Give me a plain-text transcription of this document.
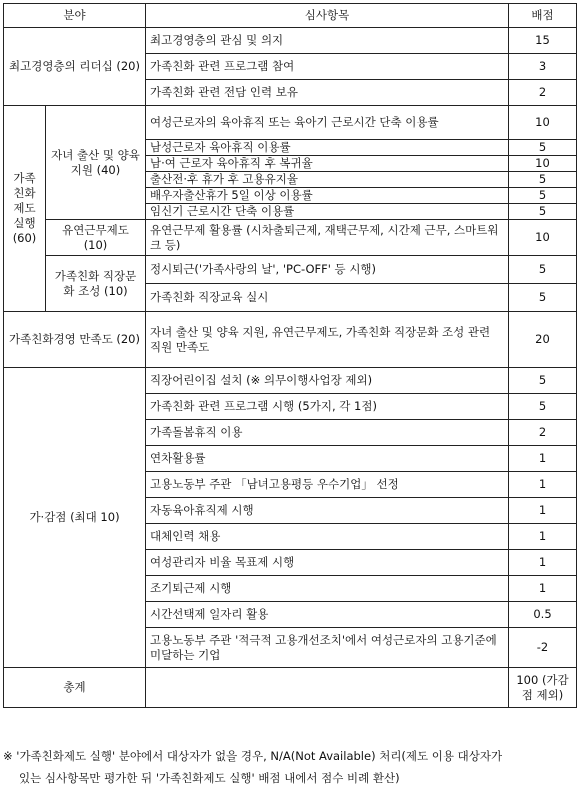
분야		심사항목	배점
최고경영층의 리더십 (20)		최고경영층의 관심 및 의지	15
		가족친화 관련 프로그램 참여	3
		가족친화 관련 전담 인력 보유	2
가족 친화 제도 실행 (60)	자녀 출산 및 양육 지원 (40)	여성근로자의 육아휴직 또는 육아기 근로시간 단축 이용률	10
		남성근로자 육아휴직 이용률	5
		남·여 근로자 육아휴직 후 복귀율	10
		출산전·후 휴가 후 고용유지율	5
		배우자출산휴가 5일 이상 이용률	5
		임신기 근로시간 단축 이용률	5
	유연근무제도 (10)	유연근무제 활용률 (시차출퇴근제, 재택근무제, 시간제 근무, 스마트워크 등)	10
	가족친화 직장문화 조성 (10)	정시퇴근('가족사랑의 날', 'PC-OFF' 등 시행)	5
		가족친화 직장교육 실시	5
가족친화경영 만족도 (20)		자녀 출산 및 양육 지원, 유연근무제도, 가족친화 직장문화 조성 관련 직원 만족도	20
가·감점 (최대 10)		직장어린이집 설치 (※ 의무이행사업장 제외)	5
		가족친화 관련 프로그램 시행 (5가지, 각 1점)	5
		가족돌봄휴직 이용	2
		연차활용률	1
		고용노동부 주관 「남녀고용평등 우수기업」 선정	1
		자동육아휴직제 시행	1
		대체인력 채용	1
		여성관리자 비율 목표제 시행	1
		조기퇴근제 시행	1
		시간선택제 일자리 활용	0.5
		고용노동부 주관 '적극적 고용개선조치'에서 여성근로자의 고용기준에 미달하는 기업	-2
총계			100 (가감점 제외)
※ '가족친화제도 실행' 분야에서 대상자가 없을 경우, N/A(Not Available) 처리(제도 이용 대상자가
있는 심사항목만 평가한 뒤 '가족친화제도 실행' 배점 내에서 점수 비례 환산)
